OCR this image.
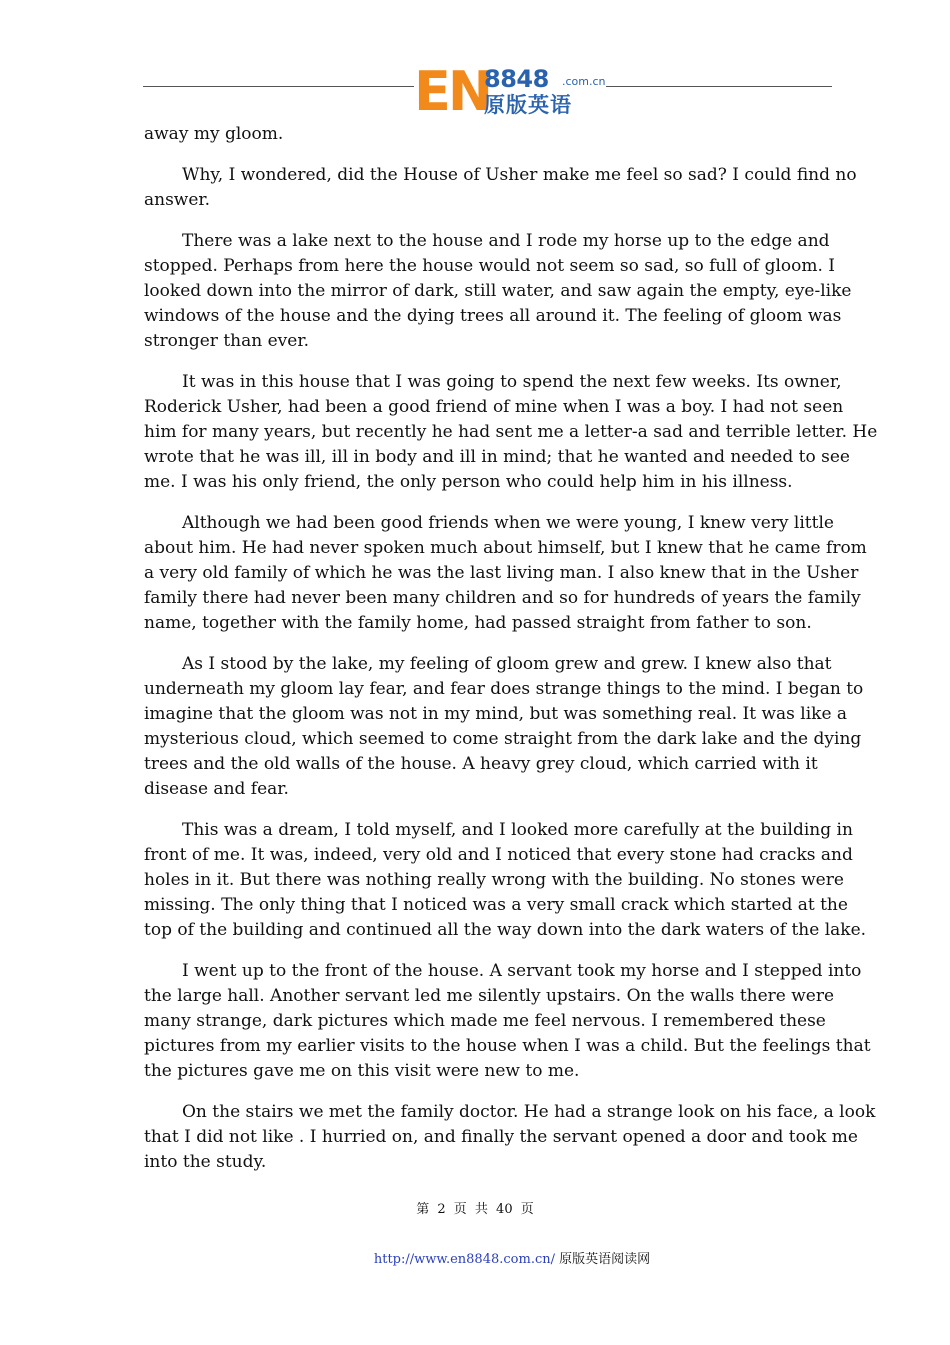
EN
8848 .com.cn
原版英语

away my gloom.

Why, I wondered, did the House of Usher make me feel so sad? I could find no answer.

There was a lake next to the house and I rode my horse up to the edge and stopped. Perhaps from here the house would not seem so sad, so full of gloom. I looked down into the mirror of dark, still water, and saw again the empty, eye-like windows of the house and the dying trees all around it. The feeling of gloom was stronger than ever.

It was in this house that I was going to spend the next few weeks. Its owner, Roderick Usher, had been a good friend of mine when I was a boy. I had not seen him for many years, but recently he had sent me a letter-a sad and terrible letter. He wrote that he was ill, ill in body and ill in mind; that he wanted and needed to see me. I was his only friend, the only person who could help him in his illness.

Although we had been good friends when we were young, I knew very little about him. He had never spoken much about himself, but I knew that he came from a very old family of which he was the last living man. I also knew that in the Usher family there had never been many children and so for hundreds of years the family name, together with the family home, had passed straight from father to son.

As I stood by the lake, my feeling of gloom grew and grew. I knew also that underneath my gloom lay fear, and fear does strange things to the mind. I began to imagine that the gloom was not in my mind, but was something real. It was like a mysterious cloud, which seemed to come straight from the dark lake and the dying trees and the old walls of the house. A heavy grey cloud, which carried with it disease and fear.

This was a dream, I told myself, and I looked more carefully at the building in front of me. It was, indeed, very old and I noticed that every stone had cracks and holes in it. But there was nothing really wrong with the building. No stones were missing. The only thing that I noticed was a very small crack which started at the top of the building and continued all the way down into the dark waters of the lake.

I went up to the front of the house. A servant took my horse and I stepped into the large hall. Another servant led me silently upstairs. On the walls there were many strange, dark pictures which made me feel nervous. I remembered these pictures from my earlier visits to the house when I was a child. But the feelings that the pictures gave me on this visit were new to me.

On the stairs we met the family doctor. He had a strange look on his face, a look that I did not like . I hurried on, and finally the servant opened a door and took me into the study.

第 2 页 共 40 页
http://www.en8848.com.cn/ 原版英语阅读网
